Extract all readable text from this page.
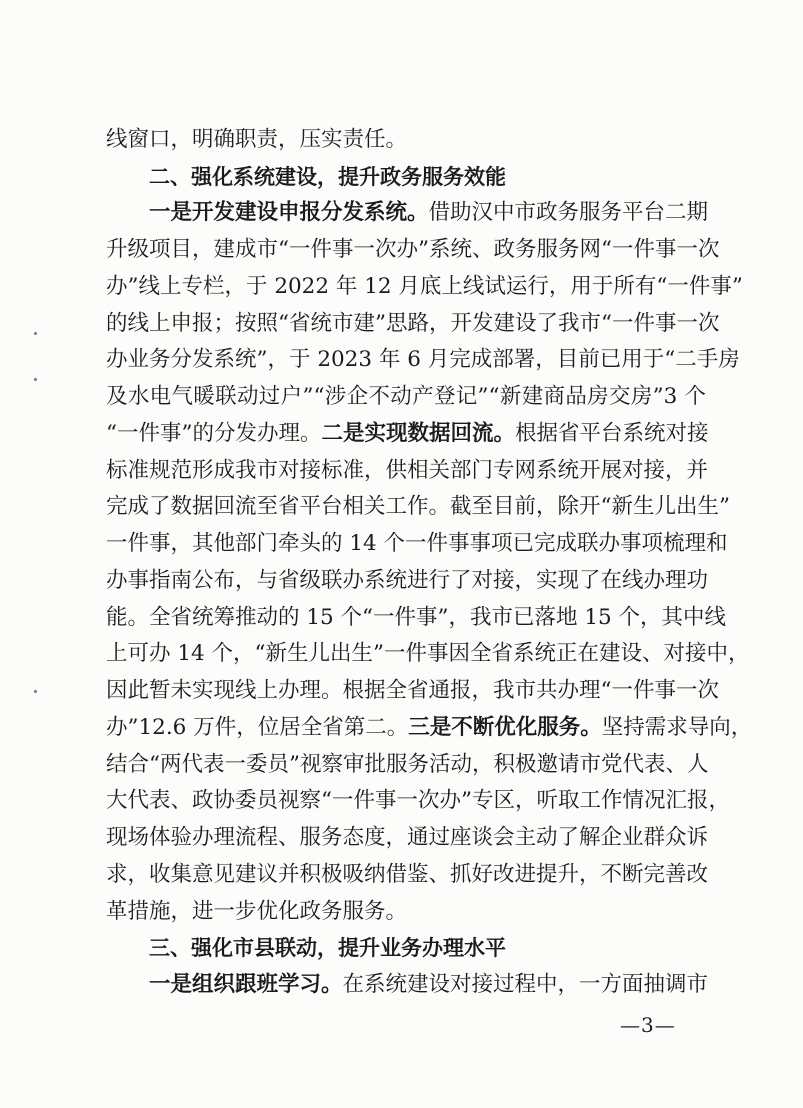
线窗口，明确职责，压实责任。
二、强化系统建设，提升政务服务效能
一是开发建设申报分发系统。借助汉中市政务服务平台二期
升级项目，建成市“一件事一次办”系统、政务服务网“一件事一次
办”线上专栏，于 2022 年 12 月底上线试运行，用于所有“一件事”
的线上申报；按照“省统市建”思路，开发建设了我市“一件事一次
办业务分发系统”，于 2023 年 6 月完成部署，目前已用于“二手房
及水电气暖联动过户”“涉企不动产登记”“新建商品房交房”3 个
“一件事”的分发办理。二是实现数据回流。根据省平台系统对接
标准规范形成我市对接标准，供相关部门专网系统开展对接，并
完成了数据回流至省平台相关工作。截至目前，除开“新生儿出生”
一件事，其他部门牵头的 14 个一件事事项已完成联办事项梳理和
办事指南公布，与省级联办系统进行了对接，实现了在线办理功
能。全省统筹推动的 15 个“一件事”，我市已落地 15 个，其中线
上可办 14 个，“新生儿出生”一件事因全省系统正在建设、对接中，
因此暂未实现线上办理。根据全省通报，我市共办理“一件事一次
办”12.6 万件，位居全省第二。三是不断优化服务。坚持需求导向，
结合“两代表一委员”视察审批服务活动，积极邀请市党代表、人
大代表、政协委员视察“一件事一次办”专区，听取工作情况汇报，
现场体验办理流程、服务态度，通过座谈会主动了解企业群众诉
求，收集意见建议并积极吸纳借鉴、抓好改进提升，不断完善改
革措施，进一步优化政务服务。
三、强化市县联动，提升业务办理水平
一是组织跟班学习。在系统建设对接过程中，一方面抽调市
—3—
